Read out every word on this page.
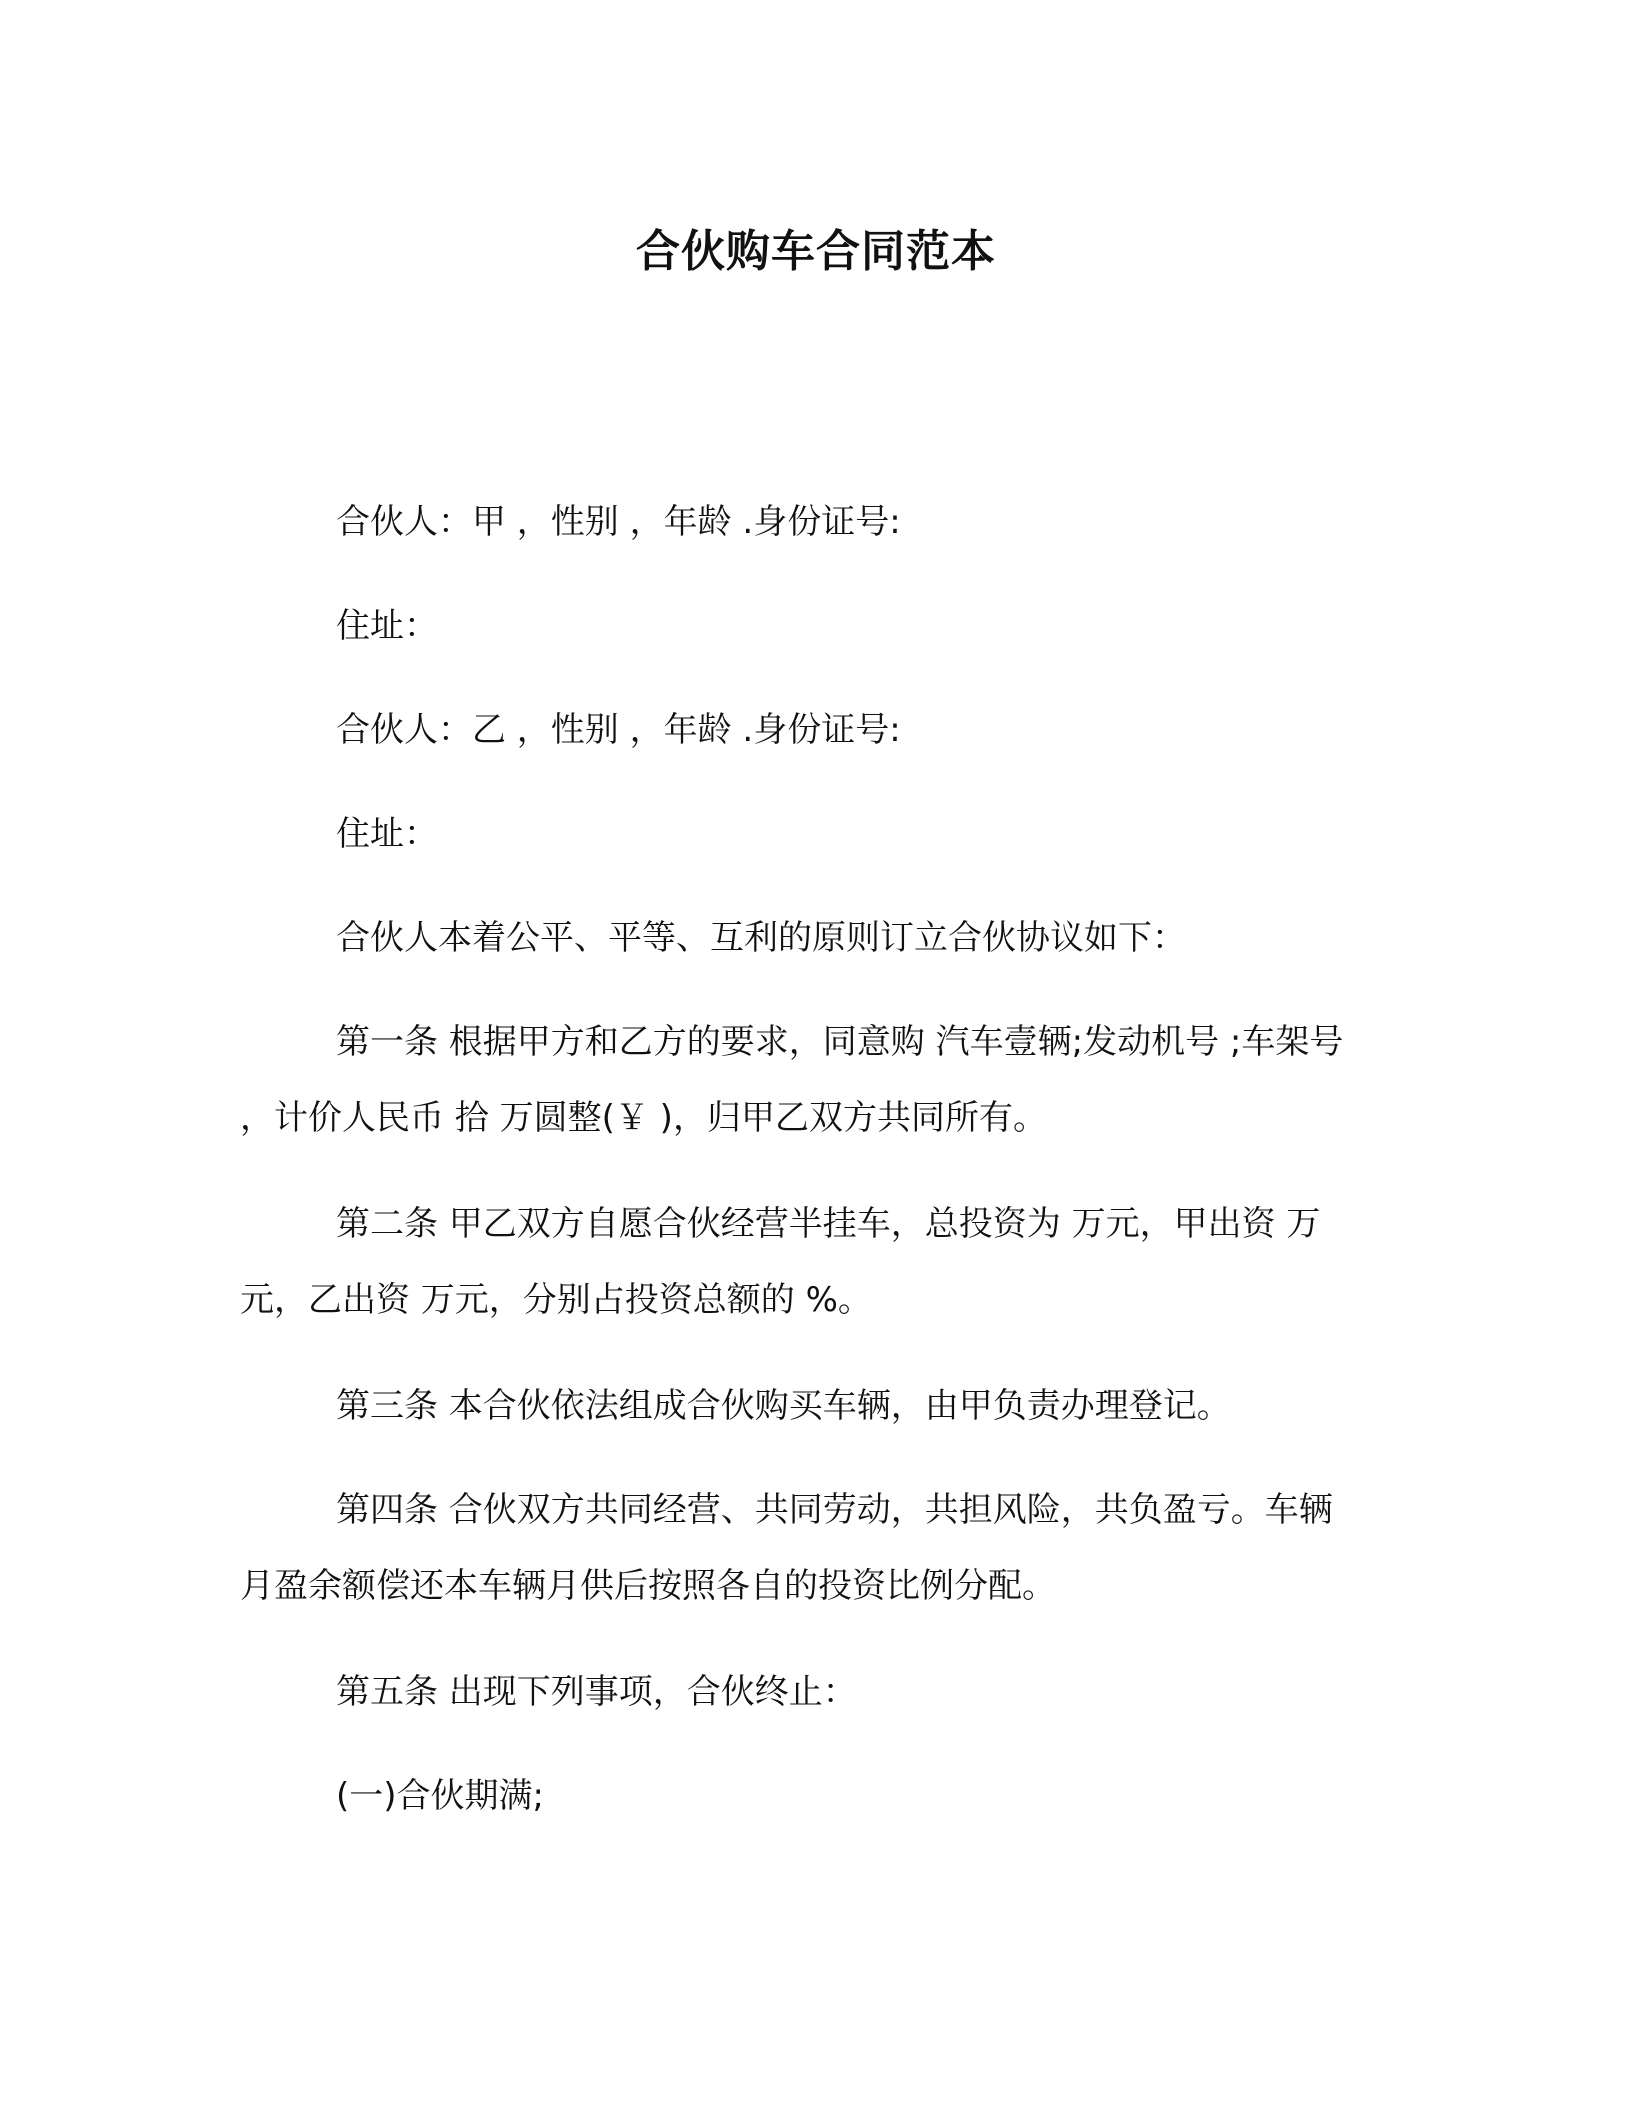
合伙购车合同范本

合伙人：甲 ，性别 ，年龄 .身份证号:

住址：

合伙人：乙 ，性别 ，年龄 .身份证号:

住址：

合伙人本着公平、平等、互利的原则订立合伙协议如下：

第一条 根据甲方和乙方的要求，同意购 汽车壹辆;发动机号 ;车架号 ，计价人民币 拾 万圆整(￥ )，归甲乙双方共同所有。

第二条 甲乙双方自愿合伙经营半挂车，总投资为 万元，甲出资 万元，乙出资 万元，分别占投资总额的 %。

第三条 本合伙依法组成合伙购买车辆，由甲负责办理登记。

第四条 合伙双方共同经营、共同劳动，共担风险，共负盈亏。车辆月盈余额偿还本车辆月供后按照各自的投资比例分配。

第五条 出现下列事项，合伙终止：

(一)合伙期满;
